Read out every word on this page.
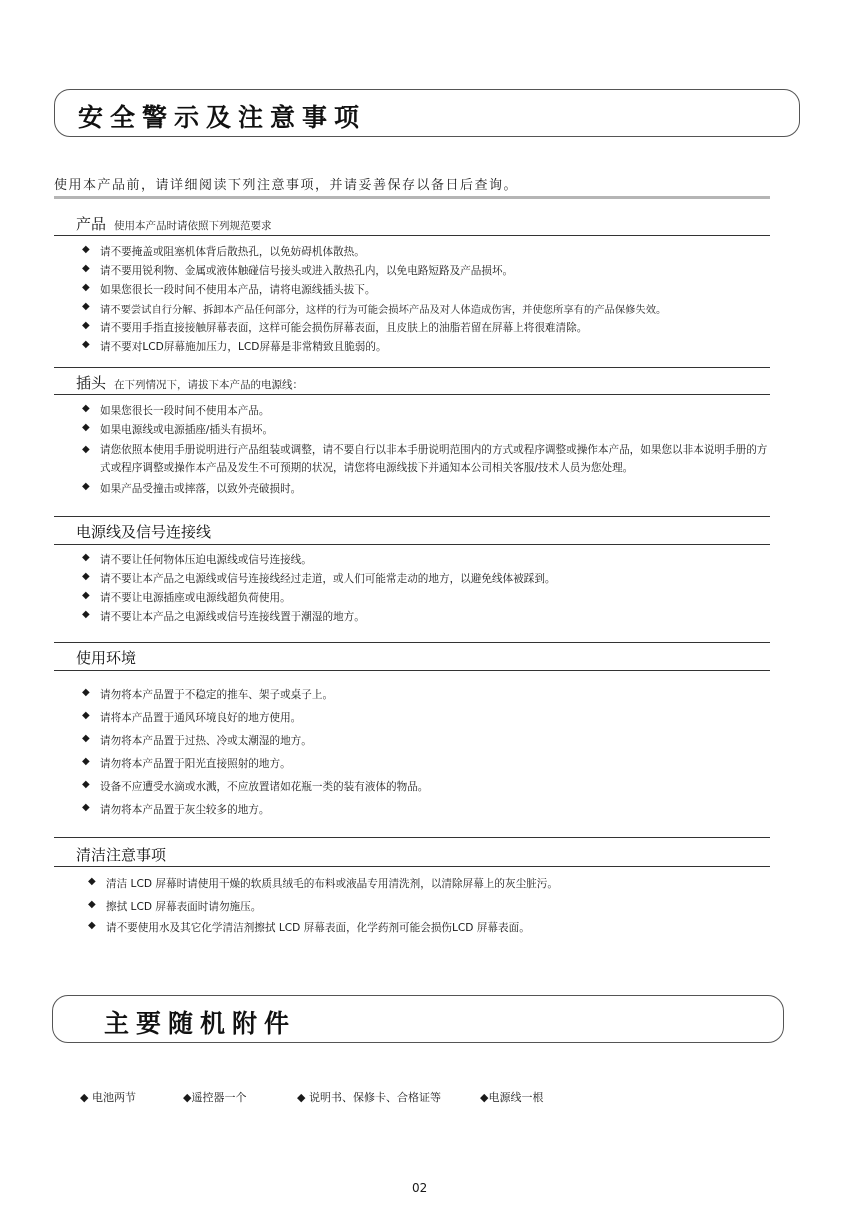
安全警示及注意事项
使用本产品前，请详细阅读下列注意事项，并请妥善保存以备日后查询。
产品 使用本产品时请依照下列规范要求
◆ 请不要掩盖或阻塞机体背后散热孔，以免妨碍机体散热。
◆ 请不要用锐利物、金属或液体触碰信号接头或进入散热孔内，以免电路短路及产品损坏。
◆ 如果您很长一段时间不使用本产品，请将电源线插头拔下。
◆ 请不要尝试自行分解、拆卸本产品任何部分，这样的行为可能会损坏产品及对人体造成伤害，并使您所享有的产品保修失效。
◆ 请不要用手指直接接触屏幕表面，这样可能会损伤屏幕表面，且皮肤上的油脂若留在屏幕上将很难清除。
◆ 请不要对LCD屏幕施加压力，LCD屏幕是非常精致且脆弱的。
插头 在下列情况下，请拔下本产品的电源线：
◆ 如果您很长一段时间不使用本产品。
◆ 如果电源线或电源插座/插头有损坏。
◆ 请您依照本使用手册说明进行产品组装或调整，请不要自行以非本手册说明范围内的方式或程序调整或操作本产品，如果您以非本说明手册的方式或程序调整或操作本产品及发生不可预期的状况，请您将电源线拔下并通知本公司相关客服/技术人员为您处理。
◆ 如果产品受撞击或摔落，以致外壳破损时。
电源线及信号连接线
◆ 请不要让任何物体压迫电源线或信号连接线。
◆ 请不要让本产品之电源线或信号连接线经过走道，或人们可能常走动的地方，以避免线体被踩到。
◆ 请不要让电源插座或电源线超负荷使用。
◆ 请不要让本产品之电源线或信号连接线置于潮湿的地方。
使用环境
◆ 请勿将本产品置于不稳定的推车、架子或桌子上。
◆ 请将本产品置于通风环境良好的地方使用。
◆ 请勿将本产品置于过热、冷或太潮湿的地方。
◆ 请勿将本产品置于阳光直接照射的地方。
◆ 设备不应遭受水滴或水溅，不应放置诸如花瓶一类的装有液体的物品。
◆ 请勿将本产品置于灰尘较多的地方。
清洁注意事项
◆ 清洁 LCD 屏幕时请使用干燥的软质具绒毛的布料或液晶专用清洗剂，以清除屏幕上的灰尘脏污。
◆ 擦拭 LCD 屏幕表面时请勿施压。
◆ 请不要使用水及其它化学清洁剂擦拭 LCD 屏幕表面，化学药剂可能会损伤LCD 屏幕表面。
主要随机附件
◆ 电池两节	◆遥控器一个	◆ 说明书、保修卡、合格证等	◆电源线一根
02
